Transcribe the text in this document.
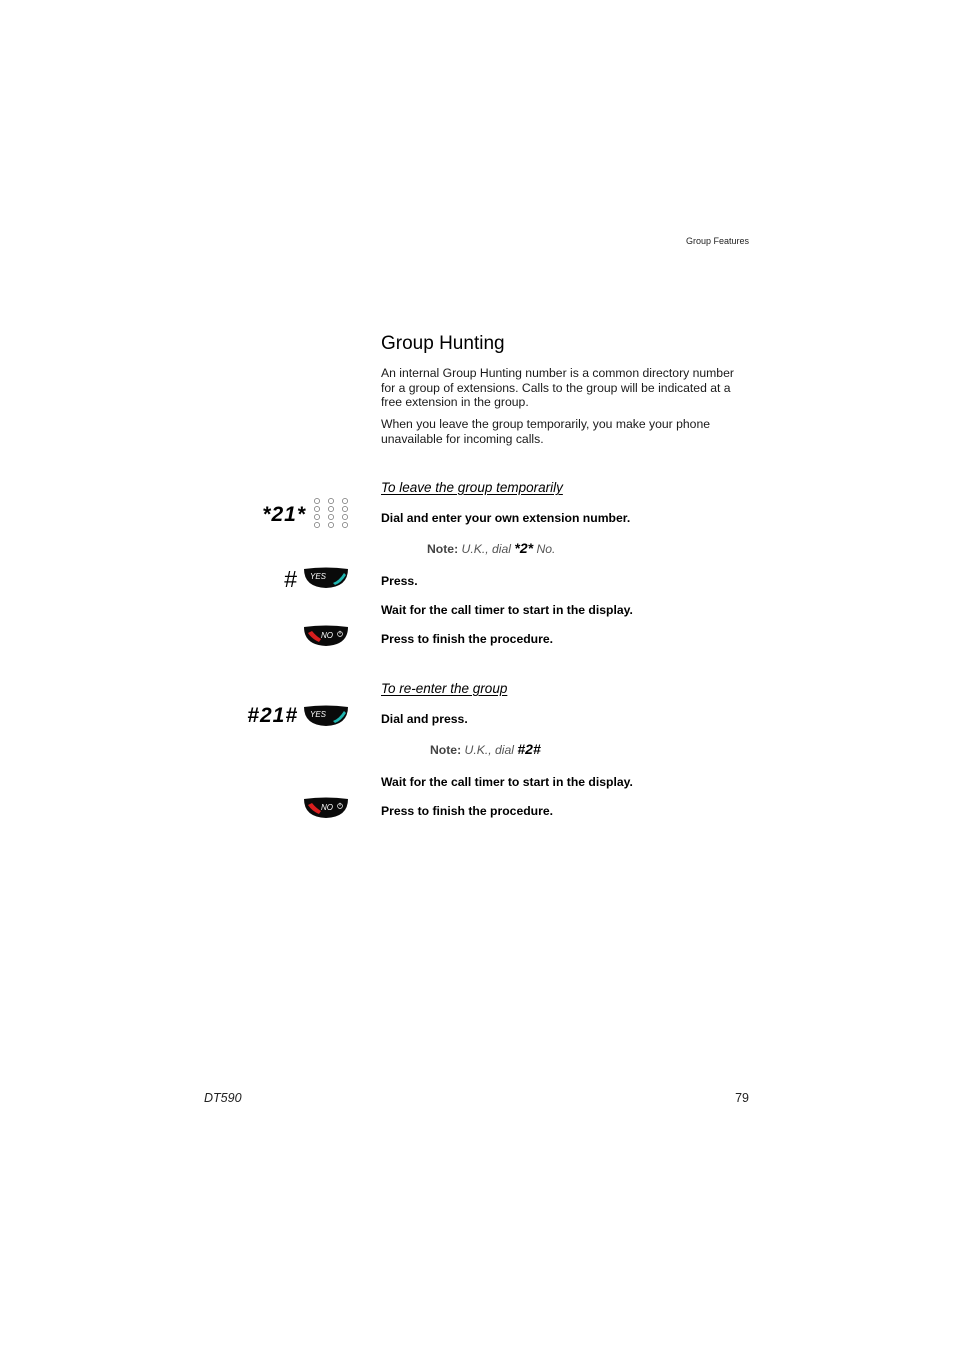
Group Features
Group Hunting

An internal Group Hunting number is a common directory number for a group of extensions. Calls to the group will be indicated at a free extension in the group.

When you leave the group temporarily, you make your phone unavailable for incoming calls.

To leave the group temporarily
*21*	Dial and enter your own extension number.
Note: U.K., dial *2* No.
# YES	Press.
Wait for the call timer to start in the display.
NO	Press to finish the procedure.
To re-enter the group
#21# YES	Dial and press.
Note: U.K., dial #2#
Wait for the call timer to start in the display.
NO	Press to finish the procedure.
DT590	79
